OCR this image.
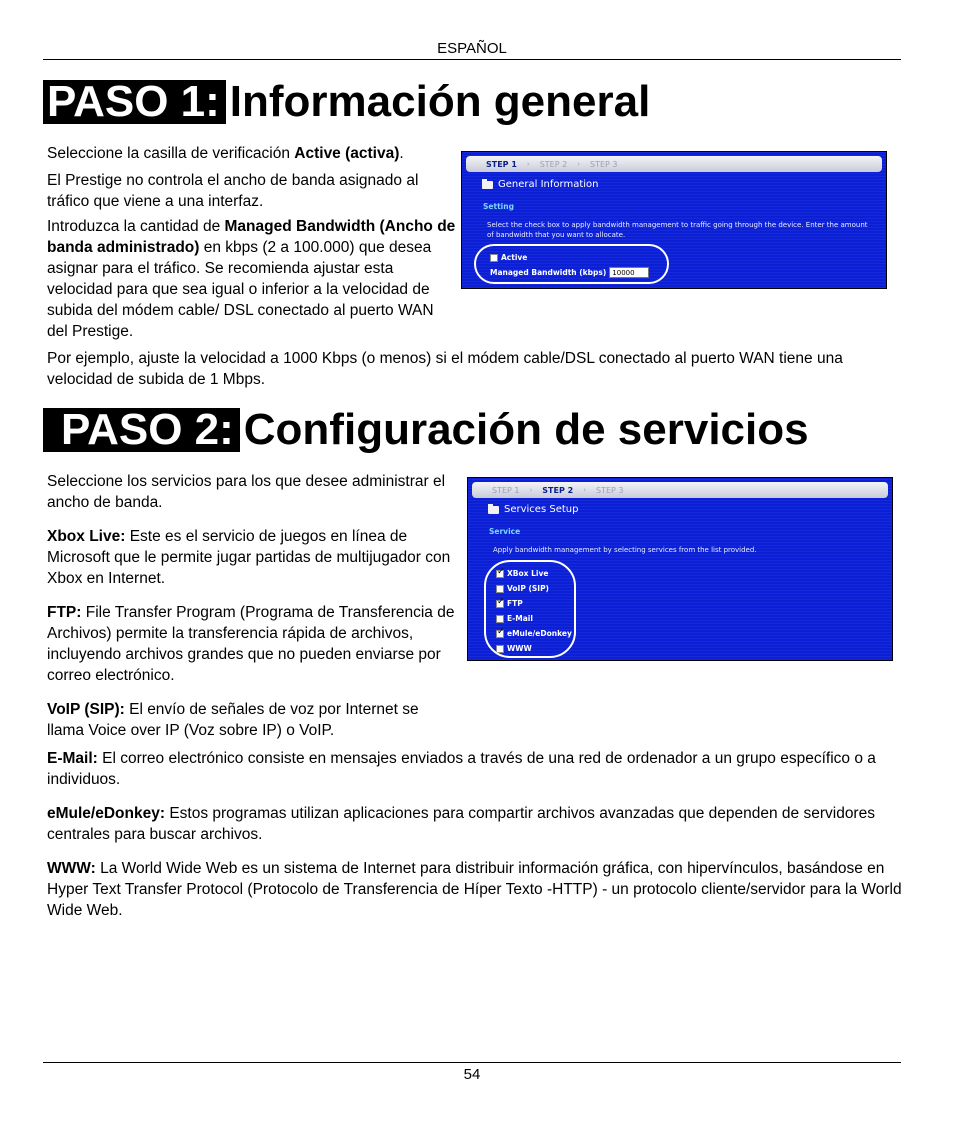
ESPAÑOL
PASO 1: Información general

Seleccione la casilla de verificación Active (activa).

El Prestige no controla el ancho de banda asignado al tráfico que viene a una interfaz.

Introduzca la cantidad de Managed Bandwidth (Ancho de banda administrado) en kbps (2 a 100.000) que desea asignar para el tráfico. Se recomienda ajustar esta velocidad para que sea igual o inferior a la velocidad de subida del módem cable/ DSL conectado al puerto WAN del Prestige.

Por ejemplo, ajuste la velocidad a 1000 Kbps (o menos) si el módem cable/DSL conectado al puerto WAN tiene una velocidad de subida de 1 Mbps.

STEP 1 › STEP 2 › STEP 3
General Information
Setting
Select the check box to apply bandwidth management to traffic going through the device. Enter the amount of bandwidth that you want to allocate.
Active
Managed Bandwidth (kbps) 10000
PASO 2: Configuración de servicios

Seleccione los servicios para los que desee administrar el ancho de banda.

Xbox Live: Este es el servicio de juegos en línea de Microsoft que le permite jugar partidas de multijugador con Xbox en Internet.

FTP: File Transfer Program (Programa de Transferencia de Archivos) permite la transferencia rápida de archivos, incluyendo archivos grandes que no pueden enviarse por correo electrónico.

VoIP (SIP): El envío de señales de voz por Internet se llama Voice over IP (Voz sobre IP) o VoIP.

E-Mail: El correo electrónico consiste en mensajes enviados a través de una red de ordenador a un grupo específico o a individuos.

eMule/eDonkey: Estos programas utilizan aplicaciones para compartir archivos avanzadas que dependen de servidores centrales para buscar archivos.

WWW: La World Wide Web es un sistema de Internet para distribuir información gráfica, con hipervínculos, basándose en Hyper Text Transfer Protocol (Protocolo de Transferencia de Híper Texto -HTTP) - un protocolo cliente/servidor para la World Wide Web.

STEP 1 › STEP 2 › STEP 3
Services Setup
Service
Apply bandwidth management by selecting services from the list provided.
✓
XBox Live
VoIP (SIP)
✓
FTP
E-Mail
✓
eMule/eDonkey
WWW
54
